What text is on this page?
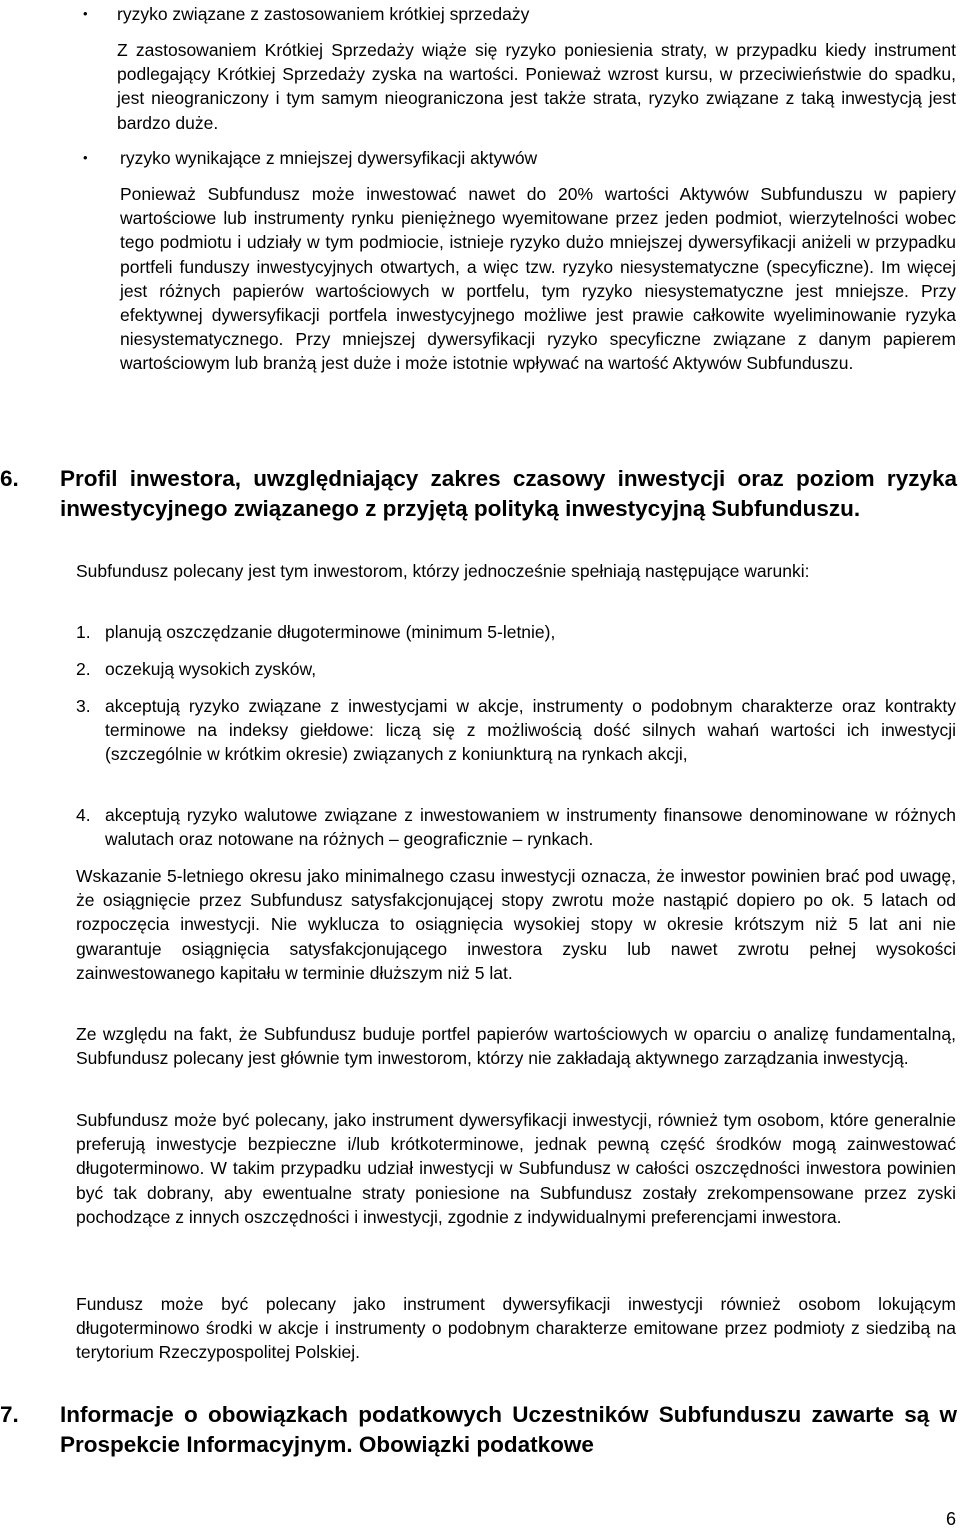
• ryzyko związane z zastosowaniem krótkiej sprzedaży

Z zastosowaniem Krótkiej Sprzedaży wiąże się ryzyko poniesienia straty, w przypadku kiedy instrument podlegający Krótkiej Sprzedaży zyska na wartości. Ponieważ wzrost kursu, w przeciwieństwie do spadku, jest nieograniczony i tym samym nieograniczona jest także strata, ryzyko związane z taką inwestycją jest bardzo duże.

• ryzyko wynikające z mniejszej dywersyfikacji aktywów

Ponieważ Subfundusz może inwestować nawet do 20% wartości Aktywów Subfunduszu w papiery wartościowe lub instrumenty rynku pieniężnego wyemitowane przez jeden podmiot, wierzytelności wobec tego podmiotu i udziały w tym podmiocie, istnieje ryzyko dużo mniejszej dywersyfikacji aniżeli w przypadku portfeli funduszy inwestycyjnych otwartych, a więc tzw. ryzyko niesystematyczne (specyficzne). Im więcej jest różnych papierów wartościowych w portfelu, tym ryzyko niesystematyczne jest mniejsze. Przy efektywnej dywersyfikacji portfela inwestycyjnego możliwe jest prawie całkowite wyeliminowanie ryzyka niesystematycznego. Przy mniejszej dywersyfikacji ryzyko specyficzne związane z danym papierem wartościowym lub branżą jest duże i może istotnie wpływać na wartość Aktywów Subfunduszu.

6. Profil inwestora, uwzględniający zakres czasowy inwestycji oraz poziom ryzyka inwestycyjnego związanego z przyjętą polityką inwestycyjną Subfunduszu.

Subfundusz polecany jest tym inwestorom, którzy jednocześnie spełniają następujące warunki:

1. planują oszczędzanie długoterminowe (minimum 5-letnie),
2. oczekują wysokich zysków,
3. akceptują ryzyko związane z inwestycjami w akcje, instrumenty o podobnym charakterze oraz kontrakty terminowe na indeksy giełdowe: liczą się z możliwością dość silnych wahań wartości ich inwestycji (szczególnie w krótkim okresie) związanych z koniunkturą na rynkach akcji,
4. akceptują ryzyko walutowe związane z inwestowaniem w instrumenty finansowe denominowane w różnych walutach oraz notowane na różnych – geograficznie – rynkach.

Wskazanie 5-letniego okresu jako minimalnego czasu inwestycji oznacza, że inwestor powinien brać pod uwagę, że osiągnięcie przez Subfundusz satysfakcjonującej stopy zwrotu może nastąpić dopiero po ok. 5 latach od rozpoczęcia inwestycji. Nie wyklucza to osiągnięcia wysokiej stopy w okresie krótszym niż 5 lat ani nie gwarantuje osiągnięcia satysfakcjonującego inwestora zysku lub nawet zwrotu pełnej wysokości zainwestowanego kapitału w terminie dłuższym niż 5 lat.

Ze względu na fakt, że Subfundusz buduje portfel papierów wartościowych w oparciu o analizę fundamentalną, Subfundusz polecany jest głównie tym inwestorom, którzy nie zakładają aktywnego zarządzania inwestycją.

Subfundusz może być polecany, jako instrument dywersyfikacji inwestycji, również tym osobom, które generalnie preferują inwestycje bezpieczne i/lub krótkoterminowe, jednak pewną część środków mogą zainwestować długoterminowo. W takim przypadku udział inwestycji w Subfundusz w całości oszczędności inwestora powinien być tak dobrany, aby ewentualne straty poniesione na Subfundusz zostały zrekompensowane przez zyski pochodzące z innych oszczędności i inwestycji, zgodnie z indywidualnymi preferencjami inwestora.

Fundusz może być polecany jako instrument dywersyfikacji inwestycji również osobom lokującym długoterminowo środki w akcje i instrumenty o podobnym charakterze emitowane przez podmioty z siedzibą na terytorium Rzeczypospolitej Polskiej.

7. Informacje o obowiązkach podatkowych Uczestników Subfunduszu zawarte są w Prospekcie Informacyjnym. Obowiązki podatkowe
6
